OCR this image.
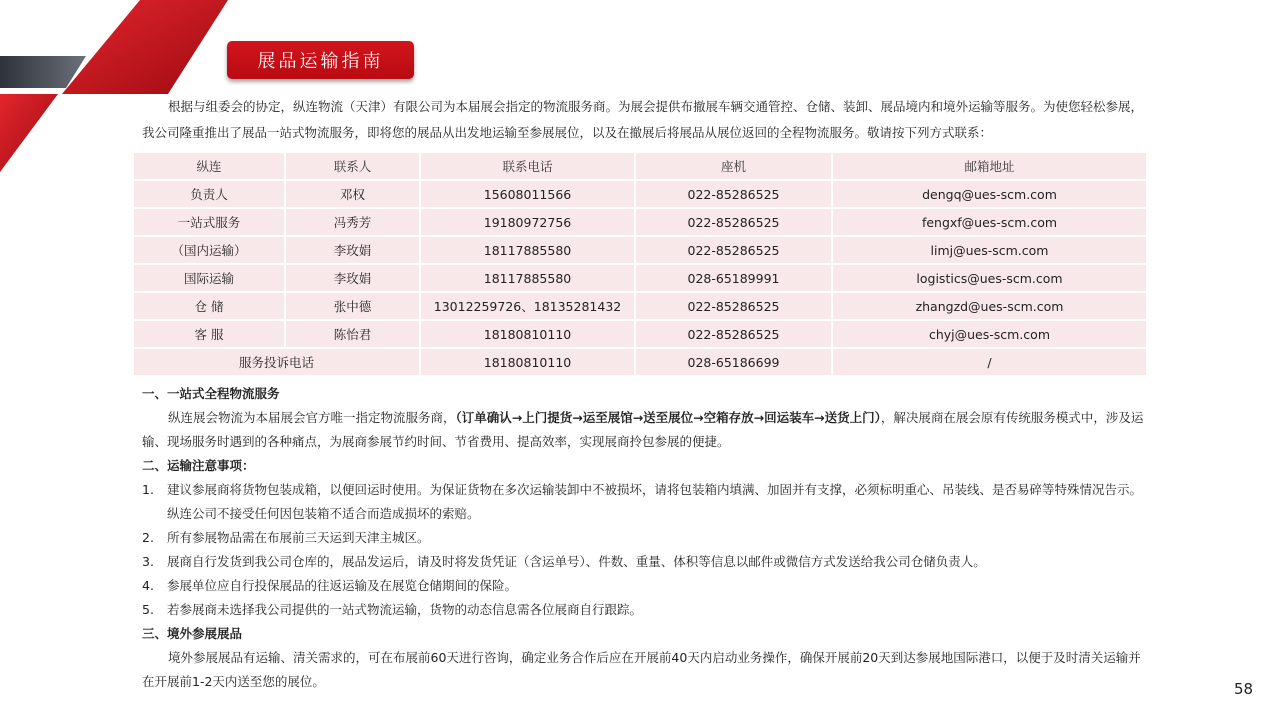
展品运输指南
根据与组委会的协定，纵连物流（天津）有限公司为本届展会指定的物流服务商。为展会提供布撤展车辆交通管控、仓储、装卸、展品境内和境外运输等服务。为使您轻松参展，我公司隆重推出了展品一站式物流服务，即将您的展品从出发地运输至参展展位，以及在撤展后将展品从展位返回的全程物流服务。敬请按下列方式联系：
纵连	联系人	联系电话	座机	邮箱地址
负责人	邓权	15608011566	022-85286525	dengq@ues-scm.com
一站式服务	冯秀芳	19180972756	022-85286525	fengxf@ues-scm.com
（国内运输）	李玫娟	18117885580	022-85286525	limj@ues-scm.com
国际运输	李玫娟	18117885580	028-65189991	logistics@ues-scm.com
仓 储	张中德	13012259726、18135281432	022-85286525	zhangzd@ues-scm.com
客 服	陈怡君	18180810110	022-85286525	chyj@ues-scm.com
服务投诉电话		18180810110	028-65186699	/
一、一站式全程物流服务
纵连展会物流为本届展会官方唯一指定物流服务商，（订单确认→上门提货→运至展馆→送至展位→空箱存放→回运装车→送货上门），解决展商在展会原有传统服务模式中，涉及运输、现场服务时遇到的各种痛点，为展商参展节约时间、节省费用、提高效率，实现展商拎包参展的便捷。
二、运输注意事项：
1. 建议参展商将货物包装成箱，以便回运时使用。为保证货物在多次运输装卸中不被损坏，请将包装箱内填满、加固并有支撑，必须标明重心、吊装线、是否易碎等特殊情况告示。纵连公司不接受任何因包装箱不适合而造成损坏的索赔。
2. 所有参展物品需在布展前三天运到天津主城区。
3. 展商自行发货到我公司仓库的，展品发运后，请及时将发货凭证（含运单号）、件数、重量、体积等信息以邮件或微信方式发送给我公司仓储负责人。
4. 参展单位应自行投保展品的往返运输及在展览仓储期间的保险。
5. 若参展商未选择我公司提供的一站式物流运输，货物的动态信息需各位展商自行跟踪。
三、境外参展展品
境外参展展品有运输、清关需求的，可在布展前60天进行咨询，确定业务合作后应在开展前40天内启动业务操作，确保开展前20天到达参展地国际港口，以便于及时清关运输并在开展前1-2天内送至您的展位。	58
